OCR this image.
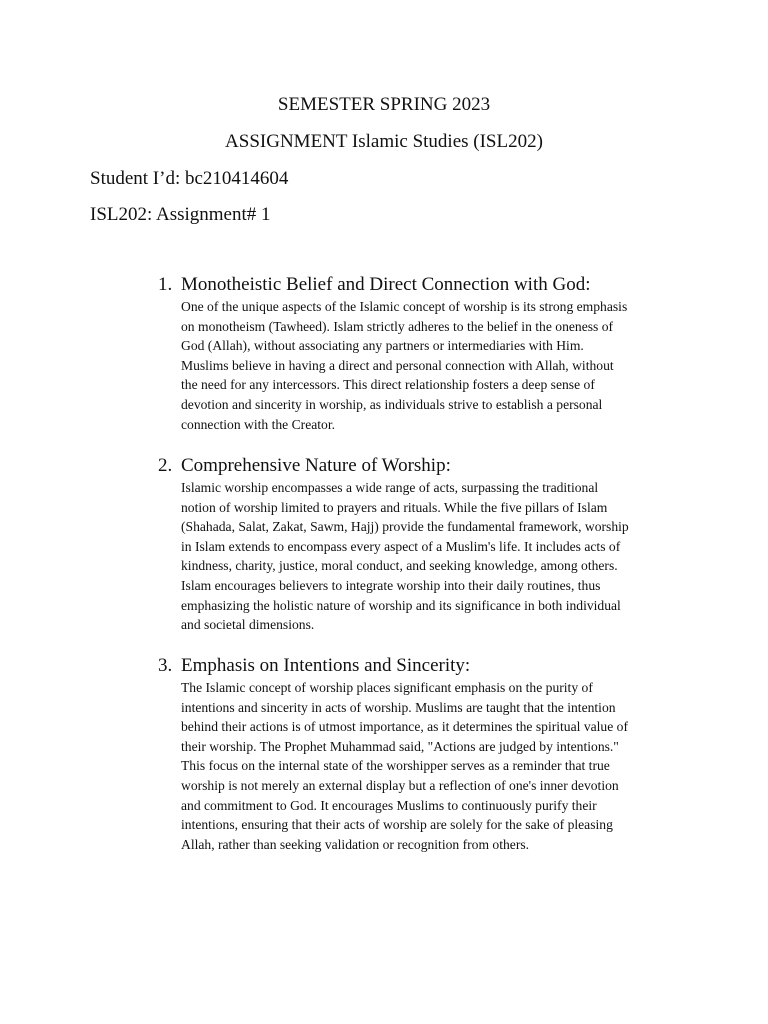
SEMESTER SPRING 2023
ASSIGNMENT Islamic Studies (ISL202)
Student I’d: bc210414604
ISL202: Assignment# 1
1. Monotheistic Belief and Direct Connection with God:
One of the unique aspects of the Islamic concept of worship is its strong emphasis
on monotheism (Tawheed). Islam strictly adheres to the belief in the oneness of
God (Allah), without associating any partners or intermediaries with Him.
Muslims believe in having a direct and personal connection with Allah, without
the need for any intercessors. This direct relationship fosters a deep sense of
devotion and sincerity in worship, as individuals strive to establish a personal
connection with the Creator.
2. Comprehensive Nature of Worship:
Islamic worship encompasses a wide range of acts, surpassing the traditional
notion of worship limited to prayers and rituals. While the five pillars of Islam
(Shahada, Salat, Zakat, Sawm, Hajj) provide the fundamental framework, worship
in Islam extends to encompass every aspect of a Muslim's life. It includes acts of
kindness, charity, justice, moral conduct, and seeking knowledge, among others.
Islam encourages believers to integrate worship into their daily routines, thus
emphasizing the holistic nature of worship and its significance in both individual
and societal dimensions.
3. Emphasis on Intentions and Sincerity:
The Islamic concept of worship places significant emphasis on the purity of
intentions and sincerity in acts of worship. Muslims are taught that the intention
behind their actions is of utmost importance, as it determines the spiritual value of
their worship. The Prophet Muhammad said, "Actions are judged by intentions."
This focus on the internal state of the worshipper serves as a reminder that true
worship is not merely an external display but a reflection of one's inner devotion
and commitment to God. It encourages Muslims to continuously purify their
intentions, ensuring that their acts of worship are solely for the sake of pleasing
Allah, rather than seeking validation or recognition from others.
